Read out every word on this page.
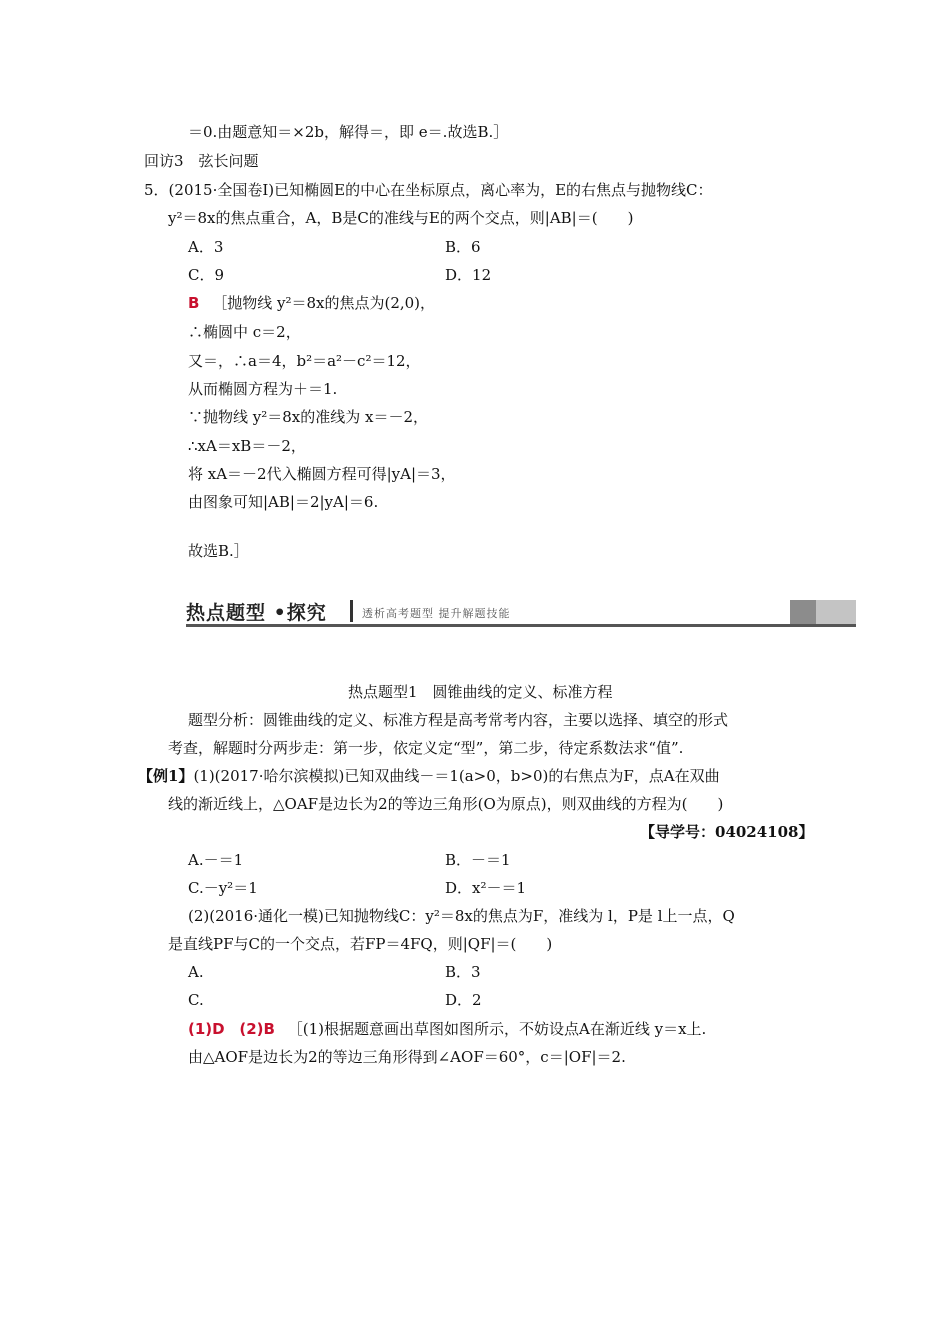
＝0.由题意知＝×2b，解得＝，即 e＝.故选B.］
回访3　弦长问题
5．(2015·全国卷Ⅰ)已知椭圆E的中心在坐标原点，离心率为，E的右焦点与抛物线C：
y²＝8x的焦点重合，A，B是C的准线与E的两个交点，则|AB|＝(　　)
A．3	B．6
C．9	D．12
B ［抛物线 y²＝8x的焦点为(2,0)，
∴椭圆中 c＝2，
又＝，∴a＝4，b²＝a²－c²＝12，
从而椭圆方程为＋＝1.
∵抛物线 y²＝8x的准线为 x＝－2，
∴xA＝xB＝－2，
将 xA＝－2代入椭圆方程可得|yA|＝3，
由图象可知|AB|＝2|yA|＝6.
故选B.］
热点题型 •探究	透析高考题型 提升解题技能
热点题型1　圆锥曲线的定义、标准方程
题型分析：圆锥曲线的定义、标准方程是高考常考内容，主要以选择、填空的形式
考查，解题时分两步走：第一步，依定义定“型”，第二步，待定系数法求“值”.
【例1】(1)(2017·哈尔滨模拟)已知双曲线－＝1(a>0，b>0)的右焦点为F，点A在双曲
线的渐近线上，△OAF是边长为2的等边三角形(O为原点)，则双曲线的方程为(　　)
【导学号：04024108】
A.－＝1	B．－＝1
C.－y²＝1	D．x²－＝1
(2)(2016·通化一模)已知抛物线C：y²＝8x的焦点为F，准线为 l，P是 l上一点，Q
是直线PF与C的一个交点，若FP＝4FQ，则|QF|＝(　　)
A.	B．3
C.	D．2
(1)D (2)B ［(1)根据题意画出草图如图所示，不妨设点A在渐近线 y＝x上.
由△AOF是边长为2的等边三角形得到∠AOF＝60°，c＝|OF|＝2.
